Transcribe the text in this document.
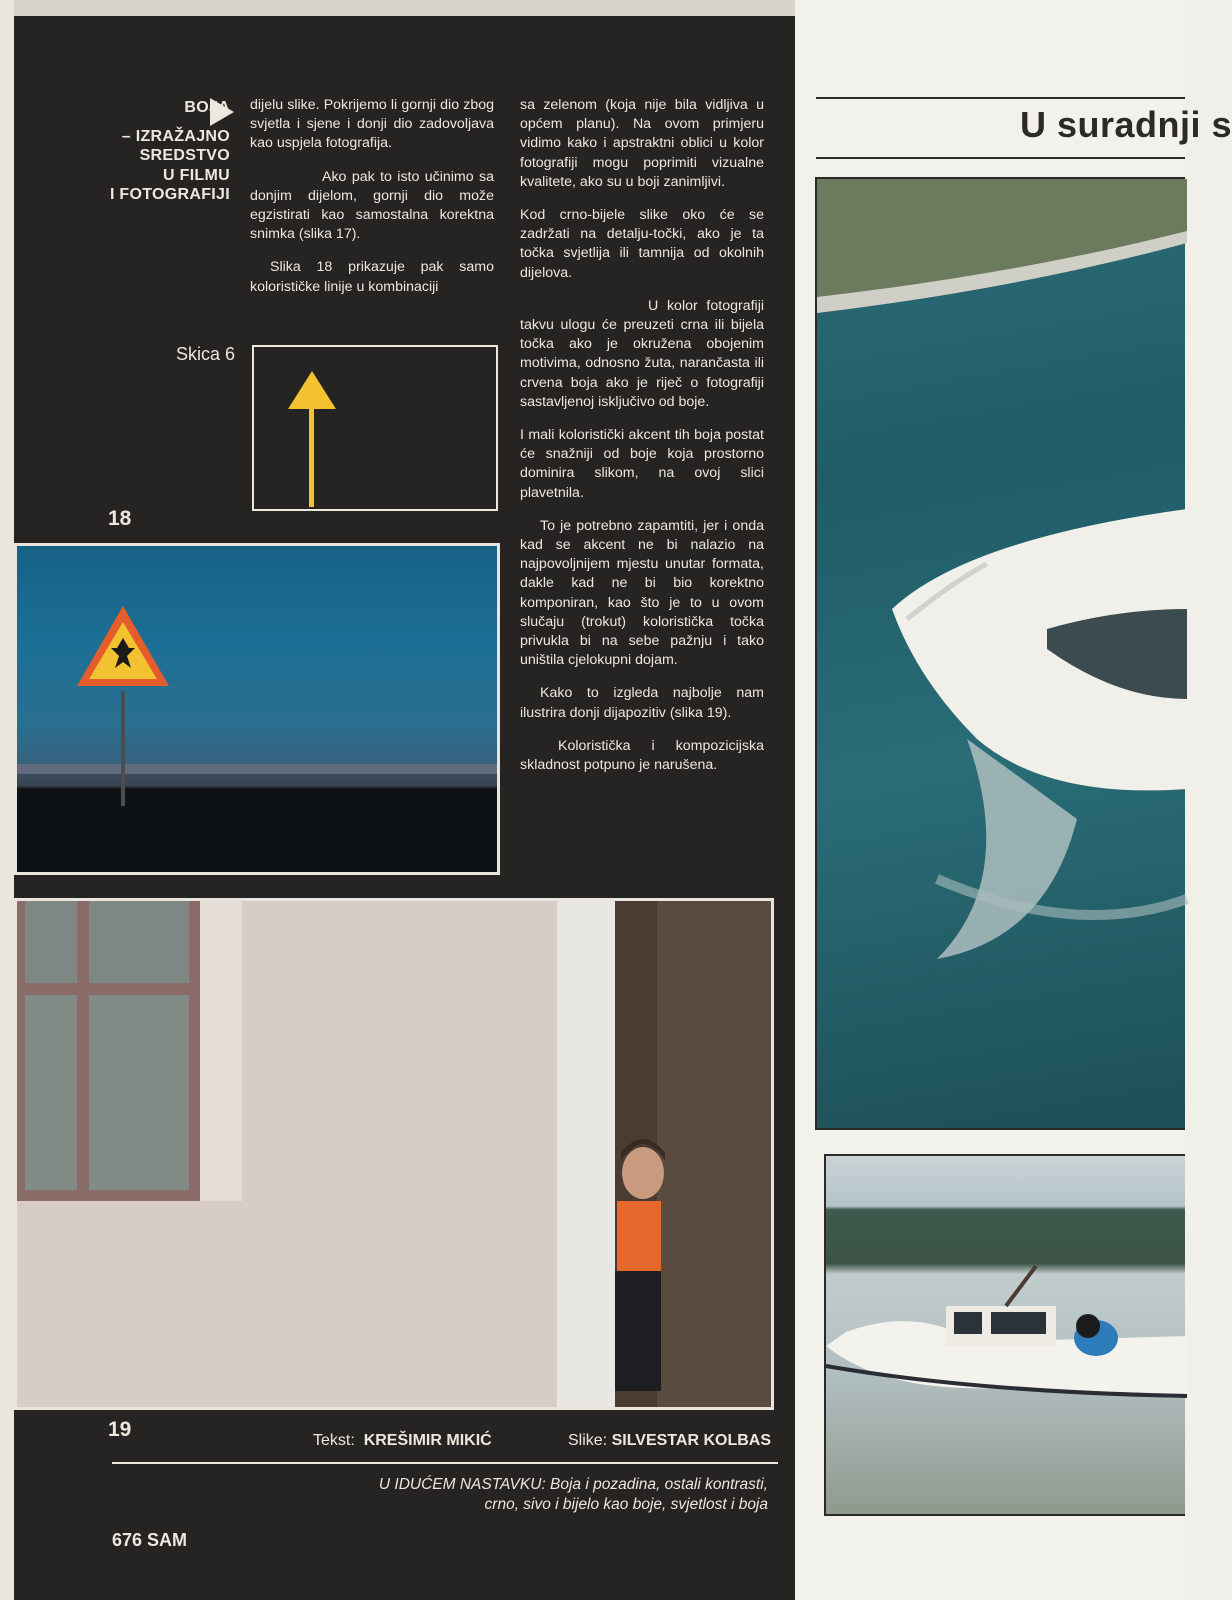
BOJA
– IZRAŽAJNO
SREDSTVO
U FILMU
I FOTOGRAFIJI

dijelu slike. Pokrijemo li gornji dio zbog svjetla i sjene i donji dio zadovoljava kao uspjela fotografija.

Ako pak to isto učinimo sa donjim dijelom, gornji dio može egzistirati kao samostalna korektna snimka (slika 17).

Slika 18 prikazuje pak samo kolorističke linije u kombinaciji

sa zelenom (koja nije bila vidljiva u općem planu). Na ovom primjeru vidimo kako i apstraktni oblici u kolor fotografiji mogu poprimiti vizualne kvalitete, ako su u boji zanimljivi.

Kod crno-bijele slike oko će se zadržati na detalju-točki, ako je ta točka svjetlija ili tamnija od okolnih dijelova.

U kolor fotografiji takvu ulogu će preuzeti crna ili bijela točka ako je okružena obojenim motivima, odnosno žuta, narančasta ili crvena boja ako je riječ o fotografiji sastavljenoj isključivo od boje.

I mali koloristički akcent tih boja postat će snažniji od boje koja prostorno dominira slikom, na ovoj slici plavetnila.

To je potrebno zapamtiti, jer i onda kad se akcent ne bi nalazio na najpovoljnijem mjestu unutar formata, dakle kad ne bi bio korektno komponiran, kao što je to u ovom slučaju (trokut) koloristička točka privukla bi na sebe pažnju i tako uništila cjelokupni dojam.

Kako to izgleda najbolje nam ilustrira donji dijapozitiv (slika 19).

Koloristička i kompozicijska skladnost potpuno je narušena.

Skica 6
18
19	Tekst: KREŠIMIR MIKIĆ	Slike: SILVESTAR KOLBAS
U IDUĆEM NASTAVKU: Boja i pozadina, ostali kontrasti,
crno, sivo i bijelo kao boje, svjetlost i boja
676 SAM
U suradnji s
